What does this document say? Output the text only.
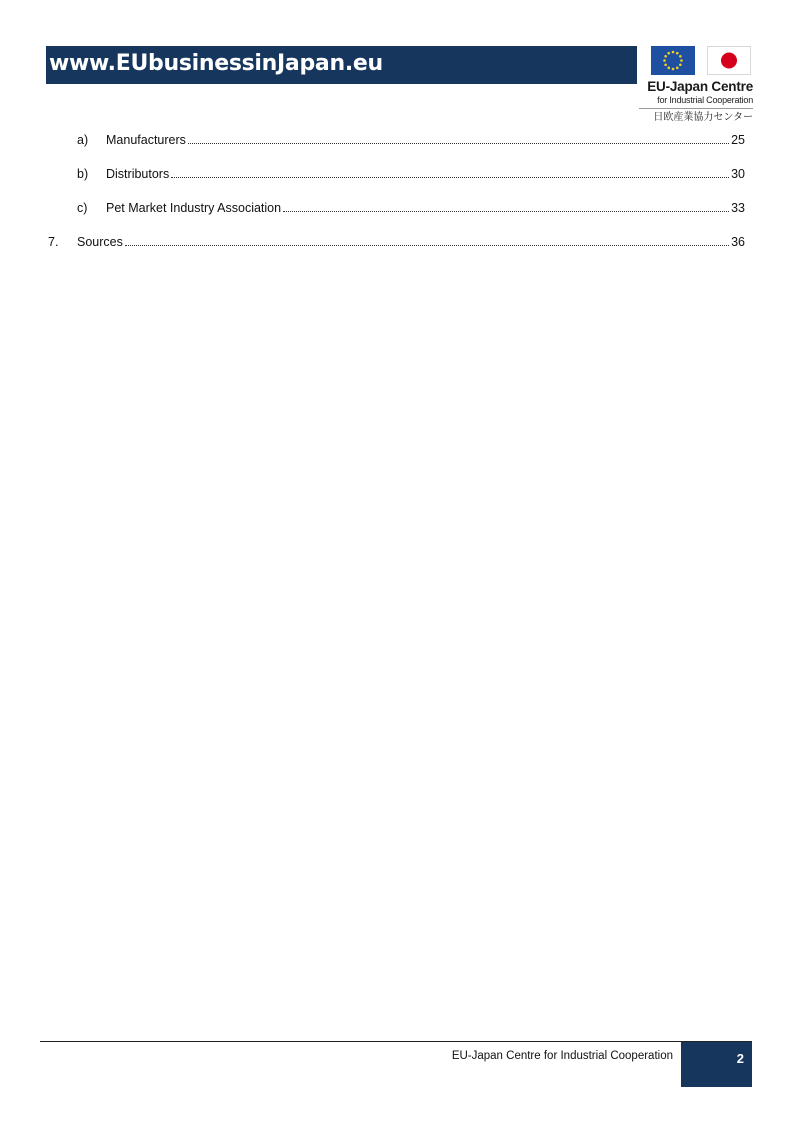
www.EUbusinessinJapan.eu
EU-Japan Centre
for Industrial Cooperation
日欧産業協力センター
a) Manufacturers	25
b) Distributors	30
c) Pet Market Industry Association	33
7. Sources	36
EU-Japan Centre for Industrial Cooperation	2
